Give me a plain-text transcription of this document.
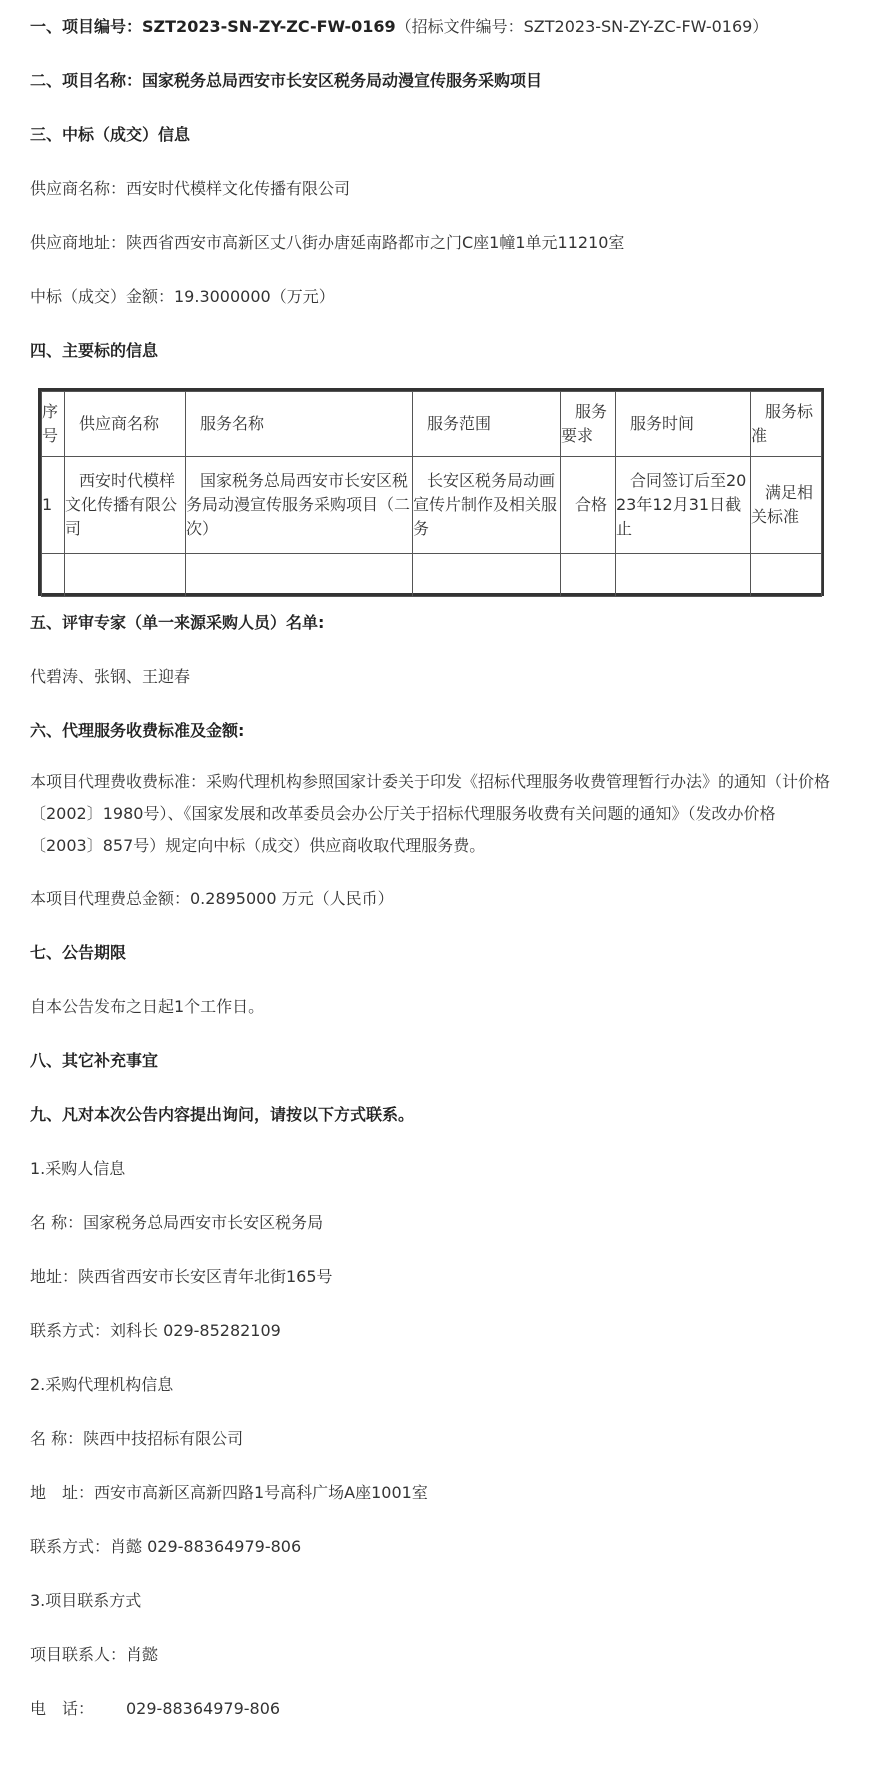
一、项目编号：SZT2023-SN-ZY-ZC-FW-0169（招标文件编号：SZT2023-SN-ZY-ZC-FW-0169）
二、项目名称：国家税务总局西安市长安区税务局动漫宣传服务采购项目
三、中标（成交）信息
供应商名称：西安时代模样文化传播有限公司
供应商地址：陕西省西安市高新区丈八街办唐延南路都市之门C座1幢1单元11210室
中标（成交）金额：19.3000000（万元）
四、主要标的信息
序号	供应商名称	服务名称	服务范围	服务要求	服务时间	服务标准
1	西安时代模样文化传播有限公司	国家税务总局西安市长安区税务局动漫宣传服务采购项目（二次）	长安区税务局动画宣传片制作及相关服务	合格	合同签订后至2023年12月31日截止	满足相关标准

五、评审专家（单一来源采购人员）名单:
代碧涛、张钢、王迎春
六、代理服务收费标准及金额:
本项目代理费收费标准：采购代理机构参照国家计委关于印发《招标代理服务收费管理暂行办法》的通知（计价格〔2002〕1980号）、《国家发展和改革委员会办公厅关于招标代理服务收费有关问题的通知》（发改办价格〔2003〕857号）规定向中标（成交）供应商收取代理服务费。
本项目代理费总金额：0.2895000 万元（人民币）
七、公告期限
自本公告发布之日起1个工作日。
八、其它补充事宜
九、凡对本次公告内容提出询问，请按以下方式联系。
1.采购人信息
名 称：国家税务总局西安市长安区税务局
地址：陕西省西安市长安区青年北街165号
联系方式：刘科长 029-85282109
2.采购代理机构信息
名 称：陕西中技招标有限公司
地　址：西安市高新区高新四路1号高科广场A座1001室
联系方式：肖懿 029-88364979-806
3.项目联系方式
项目联系人：肖懿
电　话： 029-88364979-806
